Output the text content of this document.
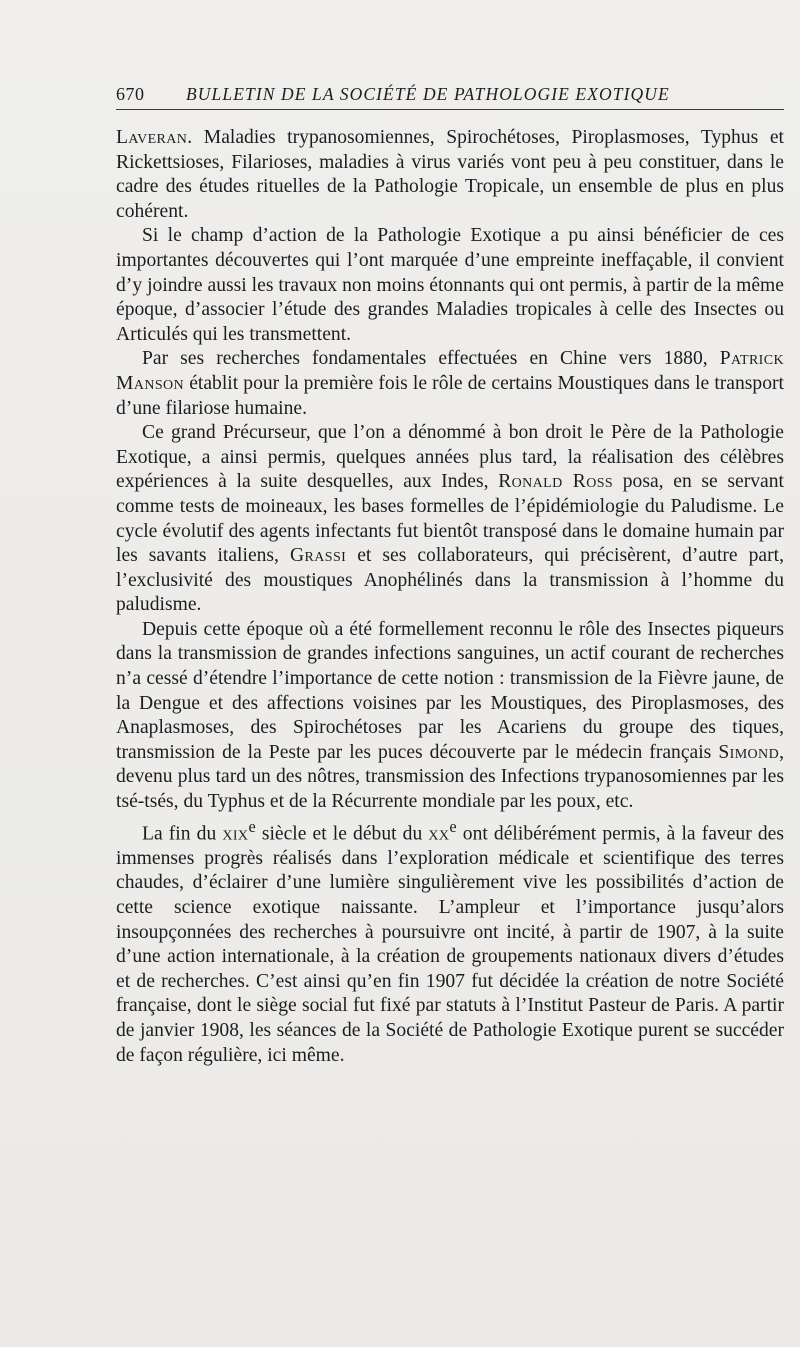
670 BULLETIN DE LA SOCIÉTÉ DE PATHOLOGIE EXOTIQUE

Laveran. Maladies trypanosomiennes, Spirochétoses, Piroplasmoses, Typhus et Rickettsioses, Filarioses, maladies à virus variés vont peu à peu constituer, dans le cadre des études rituelles de la Pathologie Tropicale, un ensemble de plus en plus cohérent.

Si le champ d’action de la Pathologie Exotique a pu ainsi bénéficier de ces importantes découvertes qui l’ont marquée d’une empreinte ineffaçable, il convient d’y joindre aussi les travaux non moins étonnants qui ont permis, à partir de la même époque, d’associer l’étude des grandes Maladies tropicales à celle des Insectes ou Articulés qui les transmettent.

Par ses recherches fondamentales effectuées en Chine vers 1880, Patrick Manson établit pour la première fois le rôle de certains Moustiques dans le transport d’une filariose humaine.

Ce grand Précurseur, que l’on a dénommé à bon droit le Père de la Pathologie Exotique, a ainsi permis, quelques années plus tard, la réalisation des célèbres expériences à la suite desquelles, aux Indes, Ronald Ross posa, en se servant comme tests de moineaux, les bases formelles de l’épidémiologie du Paludisme. Le cycle évolutif des agents infectants fut bientôt transposé dans le domaine humain par les savants italiens, Grassi et ses collaborateurs, qui précisèrent, d’autre part, l’exclusivité des moustiques Anophélinés dans la transmission à l’homme du paludisme.

Depuis cette époque où a été formellement reconnu le rôle des Insectes piqueurs dans la transmission de grandes infections sanguines, un actif courant de recherches n’a cessé d’étendre l’importance de cette notion : transmission de la Fièvre jaune, de la Dengue et des affections voisines par les Moustiques, des Piroplasmoses, des Anaplasmoses, des Spirochétoses par les Acariens du groupe des tiques, transmission de la Peste par les puces découverte par le médecin français Simond, devenu plus tard un des nôtres, transmission des Infections trypanosomiennes par les tsé-tsés, du Typhus et de la Récurrente mondiale par les poux, etc.

La fin du xix$^e$ siècle et le début du $xx^e$ ont délibérément permis, à la faveur des immenses progrès réalisés dans l’exploration médicale et scientifique des terres chaudes, d’éclairer d’une lumière singulièrement vive les possibilités d’action de cette science exotique naissante. L’ampleur et l’importance jusqu’alors insoupçonnées des recherches à poursuivre ont incité, à partir de 1907, à la suite d’une action internationale, à la création de groupements nationaux divers d’études et de recherches. C’est ainsi qu’en fin 1907 fut décidée la création de notre Société française, dont le siège social fut fixé par statuts à l’Institut Pasteur de Paris. A partir de janvier 1908, les séances de la Société de Pathologie Exotique purent se succéder de façon régulière, ici même.
